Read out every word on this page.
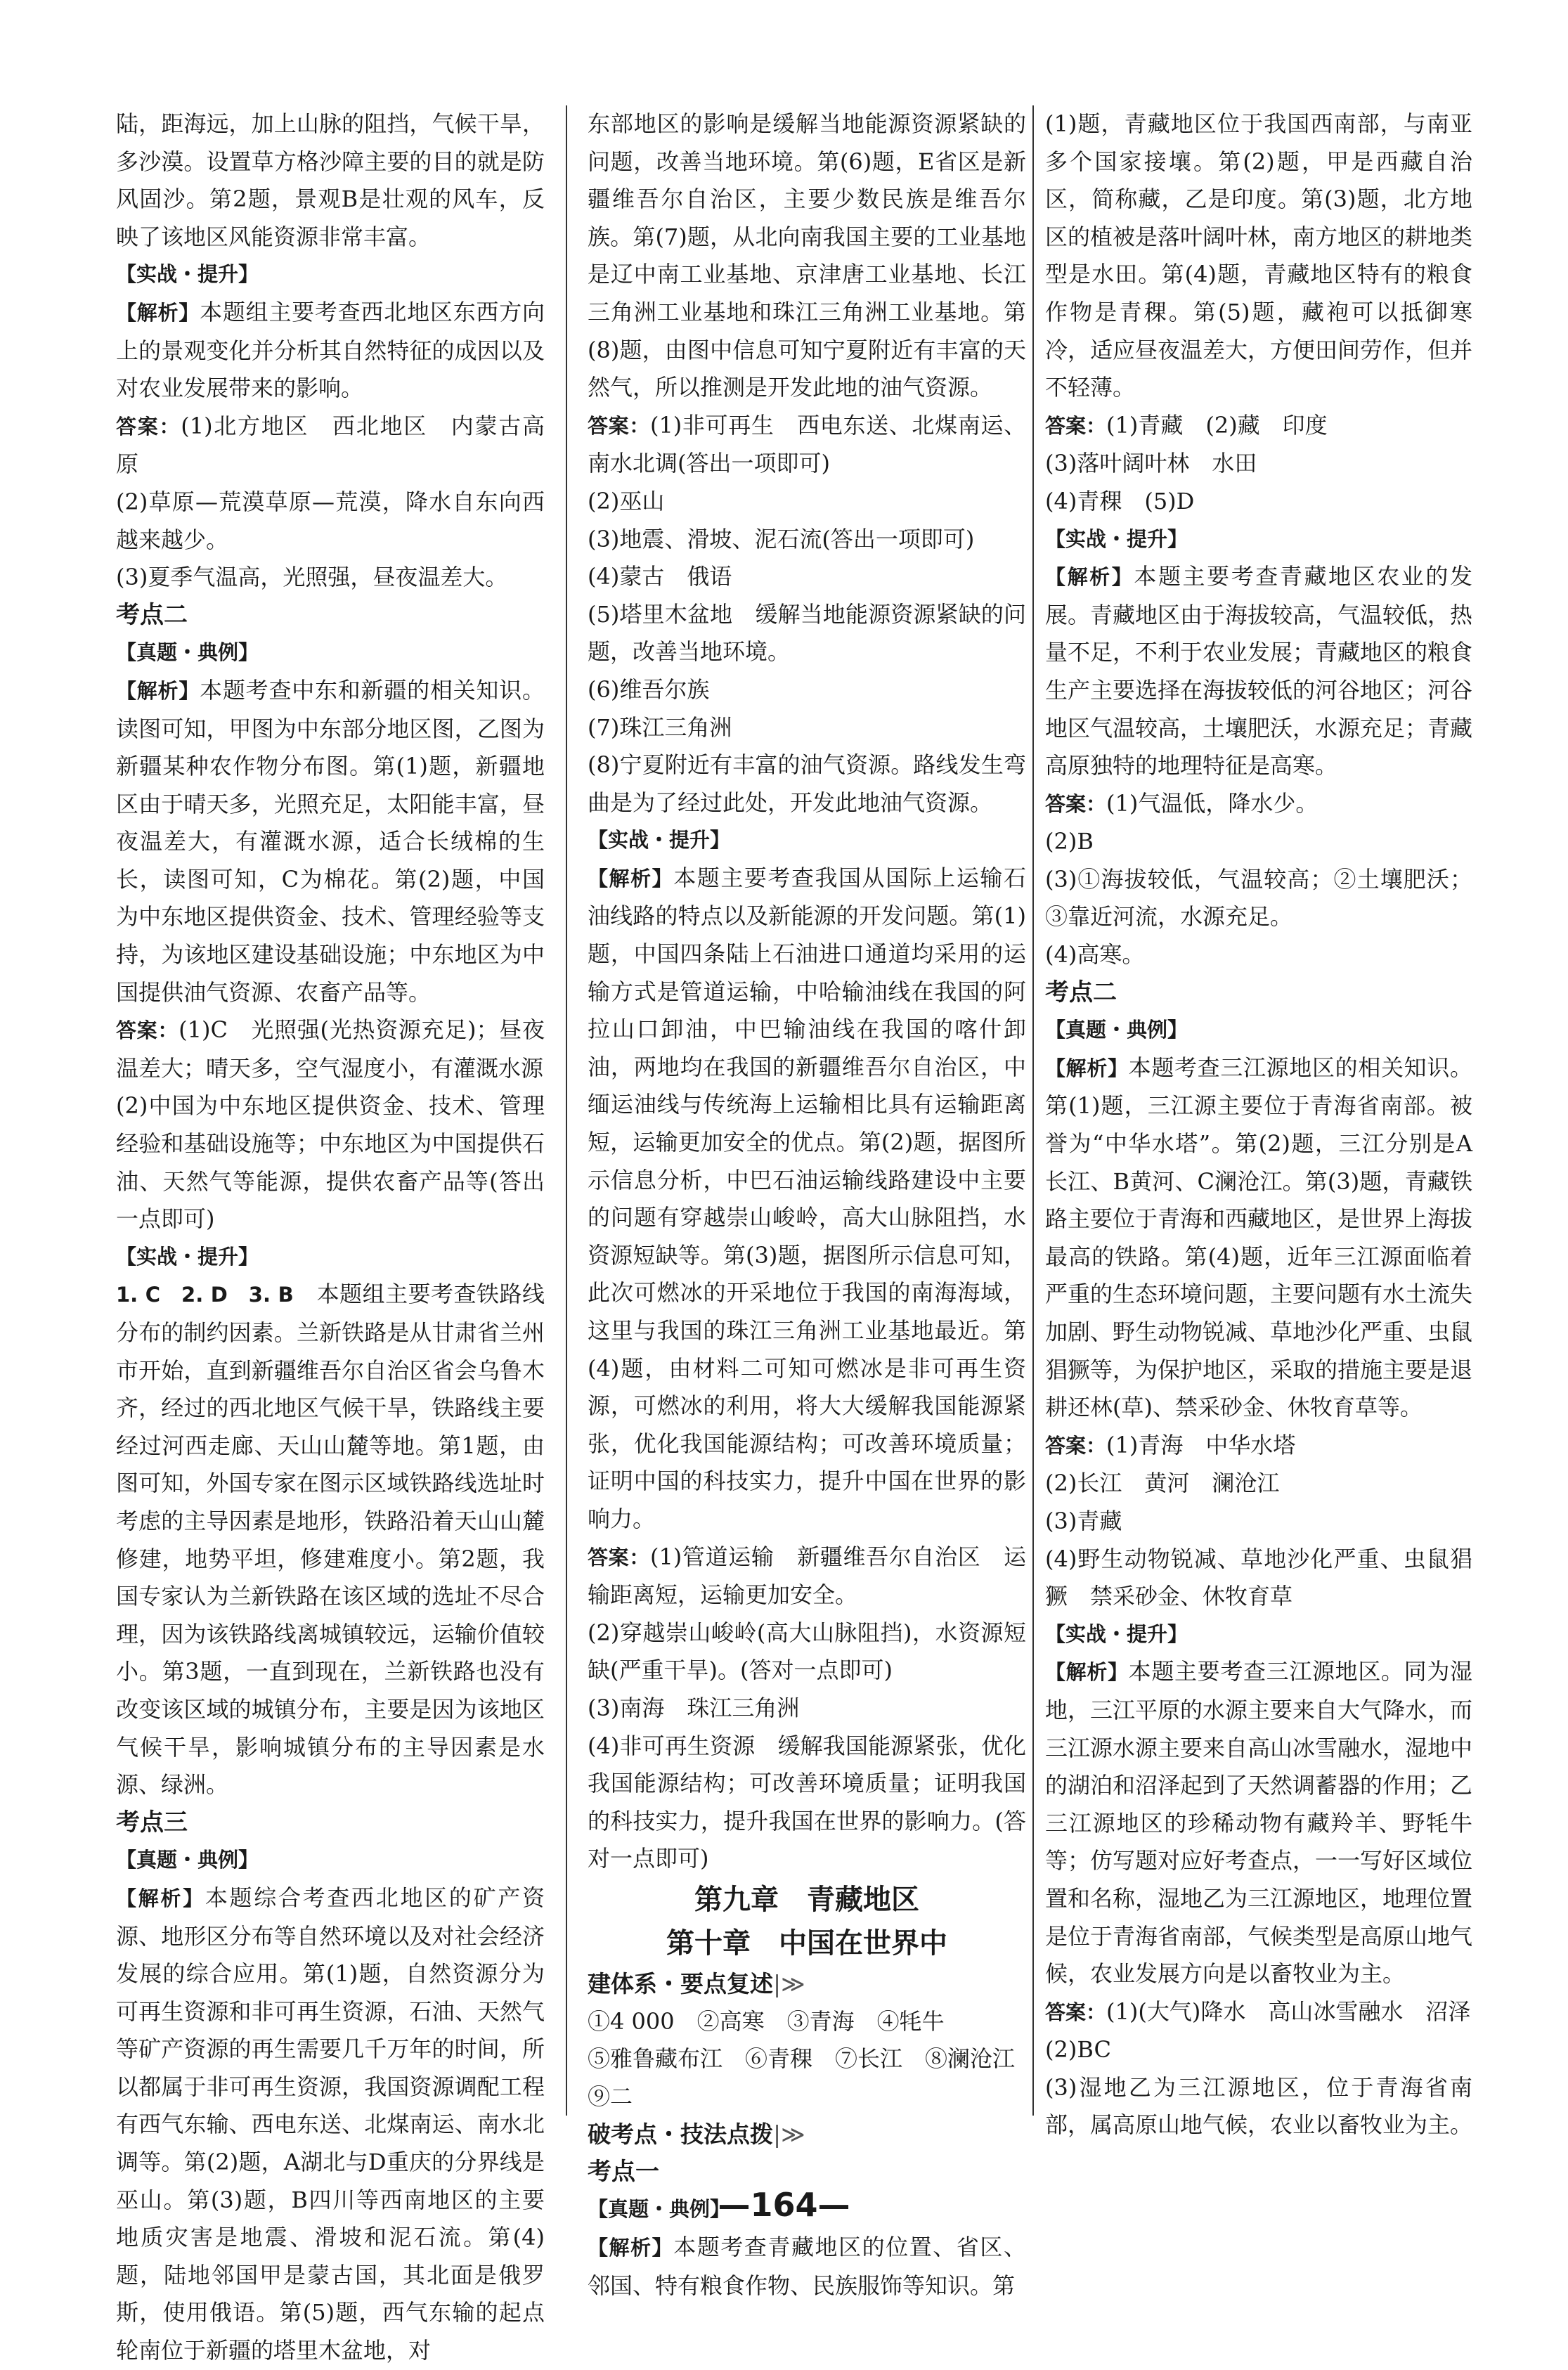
陆，距海远，加上山脉的阻挡，气候干旱，多沙漠。设置草方格沙障主要的目的就是防风固沙。第2题，景观B是壮观的风车，反映了该地区风能资源非常丰富。

【实战・提升】

【解析】本题组主要考查西北地区东西方向上的景观变化并分析其自然特征的成因以及对农业发展带来的影响。

答案：(1)北方地区　西北地区　内蒙古高原

(2)草原—荒漠草原—荒漠，降水自东向西越来越少。

(3)夏季气温高，光照强，昼夜温差大。

考点二

【真题・典例】

【解析】本题考查中东和新疆的相关知识。读图可知，甲图为中东部分地区图，乙图为新疆某种农作物分布图。第(1)题，新疆地区由于晴天多，光照充足，太阳能丰富，昼夜温差大，有灌溉水源，适合长绒棉的生长，读图可知，C为棉花。第(2)题，中国为中东地区提供资金、技术、管理经验等支持，为该地区建设基础设施；中东地区为中国提供油气资源、农畜产品等。

答案：(1)C　光照强(光热资源充足)；昼夜温差大；晴天多，空气湿度小，有灌溉水源

(2)中国为中东地区提供资金、技术、管理经验和基础设施等；中东地区为中国提供石油、天然气等能源，提供农畜产品等(答出一点即可)

【实战・提升】

1. C　2. D　3. B　 本题组主要考查铁路线分布的制约因素。兰新铁路是从甘肃省兰州市开始，直到新疆维吾尔自治区省会乌鲁木齐，经过的西北地区气候干旱，铁路线主要经过河西走廊、天山山麓等地。第1题，由图可知，外国专家在图示区域铁路线选址时考虑的主导因素是地形，铁路沿着天山山麓修建，地势平坦，修建难度小。第2题，我国专家认为兰新铁路在该区域的选址不尽合理，因为该铁路线离城镇较远，运输价值较小。第3题，一直到现在，兰新铁路也没有改变该区域的城镇分布，主要是因为该地区气候干旱，影响城镇分布的主导因素是水源、绿洲。

考点三

【真题・典例】

【解析】本题综合考查西北地区的矿产资源、地形区分布等自然环境以及对社会经济发展的综合应用。第(1)题，自然资源分为可再生资源和非可再生资源，石油、天然气等矿产资源的再生需要几千万年的时间，所以都属于非可再生资源，我国资源调配工程有西气东输、西电东送、北煤南运、南水北调等。第(2)题，A湖北与D重庆的分界线是巫山。第(3)题，B四川等西南地区的主要地质灾害是地震、滑坡和泥石流。第(4)题，陆地邻国甲是蒙古国，其北面是俄罗斯，使用俄语。第(5)题，西气东输的起点轮南位于新疆的塔里木盆地，对

东部地区的影响是缓解当地能源资源紧缺的问题，改善当地环境。第(6)题，E省区是新疆维吾尔自治区，主要少数民族是维吾尔族。第(7)题，从北向南我国主要的工业基地是辽中南工业基地、京津唐工业基地、长江三角洲工业基地和珠江三角洲工业基地。第(8)题，由图中信息可知宁夏附近有丰富的天然气，所以推测是开发此地的油气资源。

答案：(1)非可再生　西电东送、北煤南运、南水北调(答出一项即可)

(2)巫山

(3)地震、滑坡、泥石流(答出一项即可)

(4)蒙古　俄语

(5)塔里木盆地　缓解当地能源资源紧缺的问题，改善当地环境。

(6)维吾尔族

(7)珠江三角洲

(8)宁夏附近有丰富的油气资源。路线发生弯曲是为了经过此处，开发此地油气资源。

【实战・提升】

【解析】本题主要考查我国从国际上运输石油线路的特点以及新能源的开发问题。第(1)题，中国四条陆上石油进口通道均采用的运输方式是管道运输，中哈输油线在我国的阿拉山口卸油，中巴输油线在我国的喀什卸油，两地均在我国的新疆维吾尔自治区，中缅运油线与传统海上运输相比具有运输距离短，运输更加安全的优点。第(2)题，据图所示信息分析，中巴石油运输线路建设中主要的问题有穿越崇山峻岭，高大山脉阻挡，水资源短缺等。第(3)题，据图所示信息可知，此次可燃冰的开采地位于我国的南海海域，这里与我国的珠江三角洲工业基地最近。第(4)题，由材料二可知可燃冰是非可再生资源，可燃冰的利用，将大大缓解我国能源紧张，优化我国能源结构；可改善环境质量；证明中国的科技实力，提升中国在世界的影响力。

答案：(1)管道运输　新疆维吾尔自治区　运输距离短，运输更加安全。

(2)穿越崇山峻岭(高大山脉阻挡)，水资源短缺(严重干旱)。(答对一点即可)

(3)南海　珠江三角洲

(4)非可再生资源　缓解我国能源紧张，优化我国能源结构；可改善环境质量；证明我国的科技实力，提升我国在世界的影响力。(答对一点即可)

第九章　青藏地区

第十章　中国在世界中

建体系・要点复述|≫

①4 000　②高寒　③青海　④牦牛

⑤雅鲁藏布江　⑥青稞　⑦长江　⑧澜沧江

⑨二

破考点・技法点拨|≫

考点一

【真题・典例】

【解析】本题考查青藏地区的位置、省区、邻国、特有粮食作物、民族服饰等知识。第

(1)题，青藏地区位于我国西南部，与南亚多个国家接壤。第(2)题，甲是西藏自治区，简称藏，乙是印度。第(3)题，北方地区的植被是落叶阔叶林，南方地区的耕地类型是水田。第(4)题，青藏地区特有的粮食作物是青稞。第(5)题，藏袍可以抵御寒冷，适应昼夜温差大，方便田间劳作，但并不轻薄。

答案：(1)青藏　(2)藏　印度

(3)落叶阔叶林　水田

(4)青稞　(5)D

【实战・提升】

【解析】本题主要考查青藏地区农业的发展。青藏地区由于海拔较高，气温较低，热量不足，不利于农业发展；青藏地区的粮食生产主要选择在海拔较低的河谷地区；河谷地区气温较高，土壤肥沃，水源充足；青藏高原独特的地理特征是高寒。

答案：(1)气温低，降水少。

(2)B

(3)①海拔较低，气温较高；②土壤肥沃；③靠近河流，水源充足。

(4)高寒。

考点二

【真题・典例】

【解析】本题考查三江源地区的相关知识。第(1)题，三江源主要位于青海省南部。被誉为“中华水塔”。第(2)题，三江分别是A长江、B黄河、C澜沧江。第(3)题，青藏铁路主要位于青海和西藏地区，是世界上海拔最高的铁路。第(4)题，近年三江源面临着严重的生态环境问题，主要问题有水土流失加剧、野生动物锐减、草地沙化严重、虫鼠猖獗等，为保护地区，采取的措施主要是退耕还林(草)、禁采砂金、休牧育草等。

答案：(1)青海　中华水塔

(2)长江　黄河　澜沧江

(3)青藏

(4)野生动物锐减、草地沙化严重、虫鼠猖獗　禁采砂金、休牧育草

【实战・提升】

【解析】本题主要考查三江源地区。同为湿地，三江平原的水源主要来自大气降水，而三江源水源主要来自高山冰雪融水，湿地中的湖泊和沼泽起到了天然调蓄器的作用；乙三江源地区的珍稀动物有藏羚羊、野牦牛等；仿写题对应好考查点，一一写好区域位置和名称，湿地乙为三江源地区，地理位置是位于青海省南部，气候类型是高原山地气候，农业发展方向是以畜牧业为主。

答案：(1)(大气)降水　高山冰雪融水　沼泽

(2)BC

(3)湿地乙为三江源地区，位于青海省南部，属高原山地气候，农业以畜牧业为主。

—164—
